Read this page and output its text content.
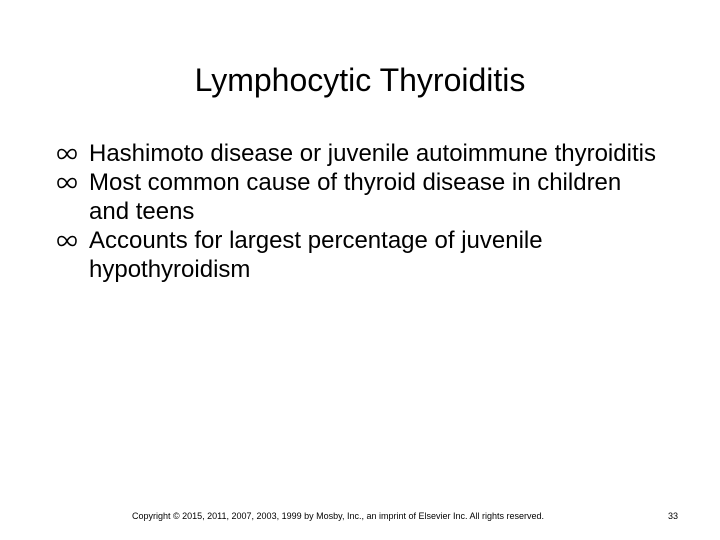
Lymphocytic Thyroiditis
Hashimoto disease or juvenile autoimmune thyroiditis
Most common cause of thyroid disease in children and teens
Accounts for largest percentage of juvenile hypothyroidism
Copyright © 2015, 2011, 2007, 2003, 1999 by Mosby, Inc., an imprint of Elsevier Inc. All rights reserved.	33
